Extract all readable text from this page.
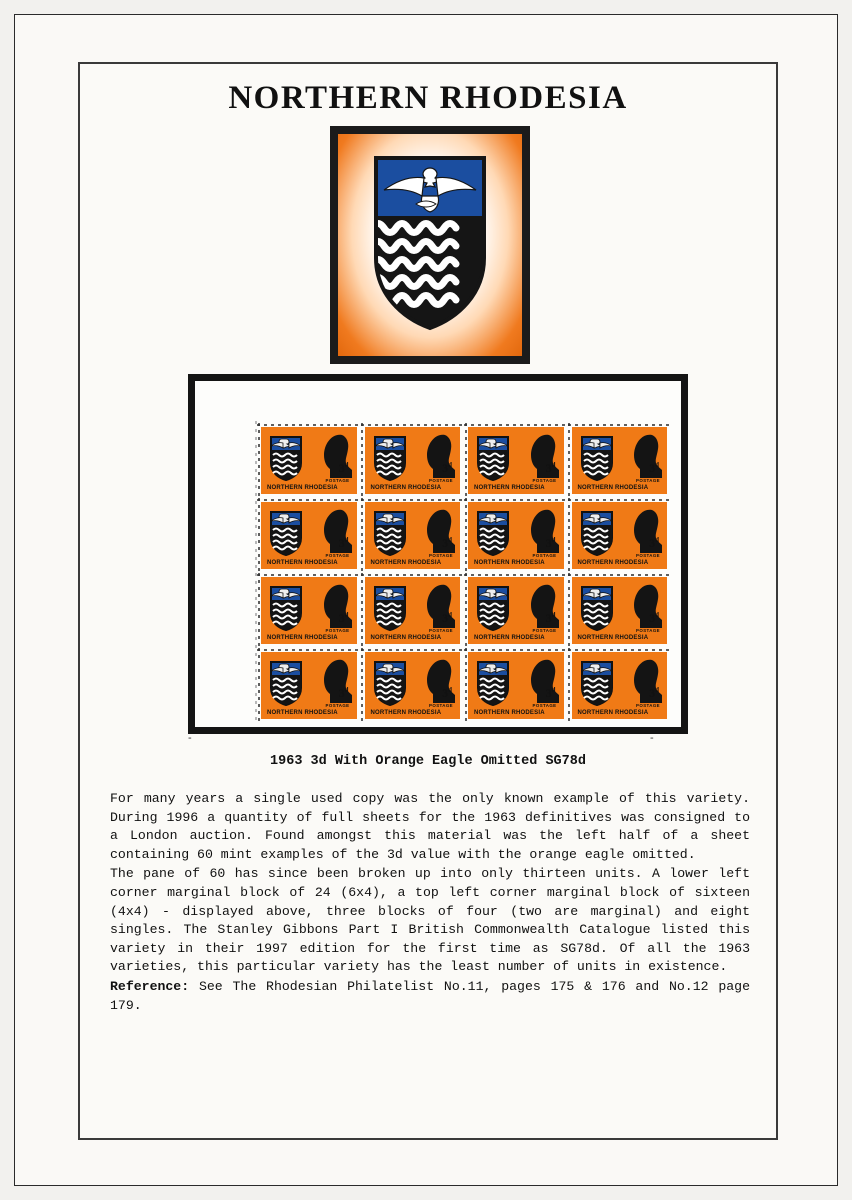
NORTHERN RHODESIA
3$^d$
POSTAGE
NORTHERN RHODESIA
3$^d$
POSTAGE
NORTHERN RHODESIA
3$^d$
POSTAGE
NORTHERN RHODESIA
3$^d$
POSTAGE
NORTHERN RHODESIA
3$^d$
POSTAGE
NORTHERN RHODESIA
3$^d$
POSTAGE
NORTHERN RHODESIA
3$^d$
POSTAGE
NORTHERN RHODESIA
3$^d$
POSTAGE
NORTHERN RHODESIA
3$^d$
POSTAGE
NORTHERN RHODESIA
3$^d$
POSTAGE
NORTHERN RHODESIA
3$^d$
POSTAGE
NORTHERN RHODESIA
3$^d$
POSTAGE
NORTHERN RHODESIA
3$^d$
POSTAGE
NORTHERN RHODESIA
3$^d$
POSTAGE
NORTHERN RHODESIA
3$^d$
POSTAGE
NORTHERN RHODESIA
3$^d$
POSTAGE
NORTHERN RHODESIA
-	-
1963 3d With Orange Eagle Omitted SG78d

For many years a single used copy was the only known example of this variety. During 1996 a quantity of full sheets for the 1963 definitives was consigned to a London auction. Found amongst this material was the left half of a sheet containing 60 mint examples of the 3d value with the orange eagle omitted.

The pane of 60 has since been broken up into only thirteen units. A lower left corner marginal block of 24 (6x4), a top left corner marginal block of sixteen (4x4) - displayed above, three blocks of four (two are marginal) and eight singles. The Stanley Gibbons Part I British Commonwealth Catalogue listed this variety in their 1997 edition for the first time as SG78d. Of all the 1963 varieties, this particular variety has the least number of units in existence.

Reference: See The Rhodesian Philatelist No.11, pages 175 & 176 and No.12 page 179.
